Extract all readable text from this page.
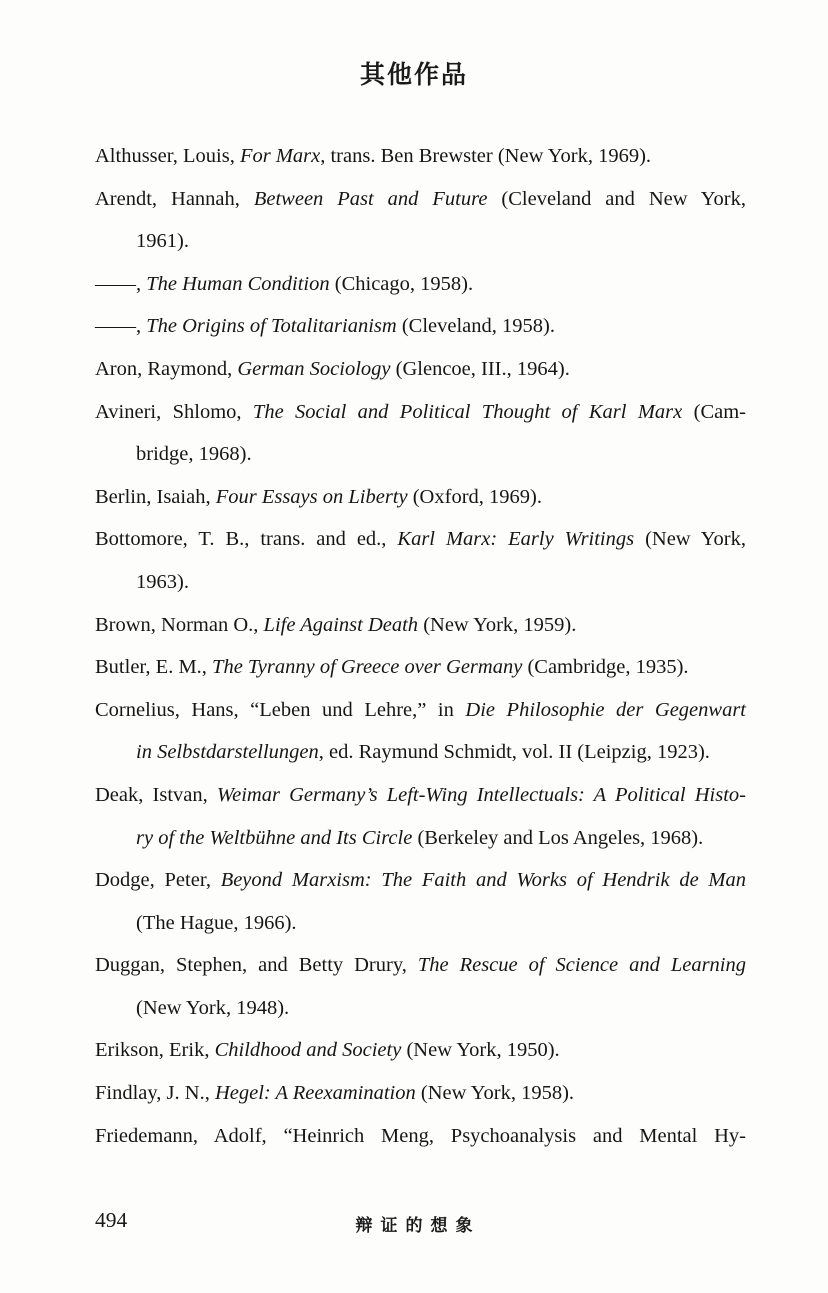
其他作品
Althusser, Louis, For Marx, trans. Ben Brewster (New York, 1969).
Arendt, Hannah, Between Past and Future (Cleveland and New York,
1961).
——, The Human Condition (Chicago, 1958).
——, The Origins of Totalitarianism (Cleveland, 1958).
Aron, Raymond, German Sociology (Glencoe, III., 1964).
Avineri, Shlomo, The Social and Political Thought of Karl Marx (Cam-
bridge, 1968).
Berlin, Isaiah, Four Essays on Liberty (Oxford, 1969).
Bottomore, T. B., trans. and ed., Karl Marx: Early Writings (New York,
1963).
Brown, Norman O., Life Against Death (New York, 1959).
Butler, E. M., The Tyranny of Greece over Germany (Cambridge, 1935).
Cornelius, Hans, “Leben und Lehre,” in Die Philosophie der Gegenwart
in Selbstdarstellungen, ed. Raymund Schmidt, vol. II (Leipzig, 1923).
Deak, Istvan, Weimar Germany’s Left-Wing Intellectuals: A Political Histo-
ry of the Weltbühne and Its Circle (Berkeley and Los Angeles, 1968).
Dodge, Peter, Beyond Marxism: The Faith and Works of Hendrik de Man
(The Hague, 1966).
Duggan, Stephen, and Betty Drury, The Rescue of Science and Learning
(New York, 1948).
Erikson, Erik, Childhood and Society (New York, 1950).
Findlay, J. N., Hegel: A Reexamination (New York, 1958).
Friedemann, Adolf, “Heinrich Meng, Psychoanalysis and Mental Hy-
494	辩证的想象
